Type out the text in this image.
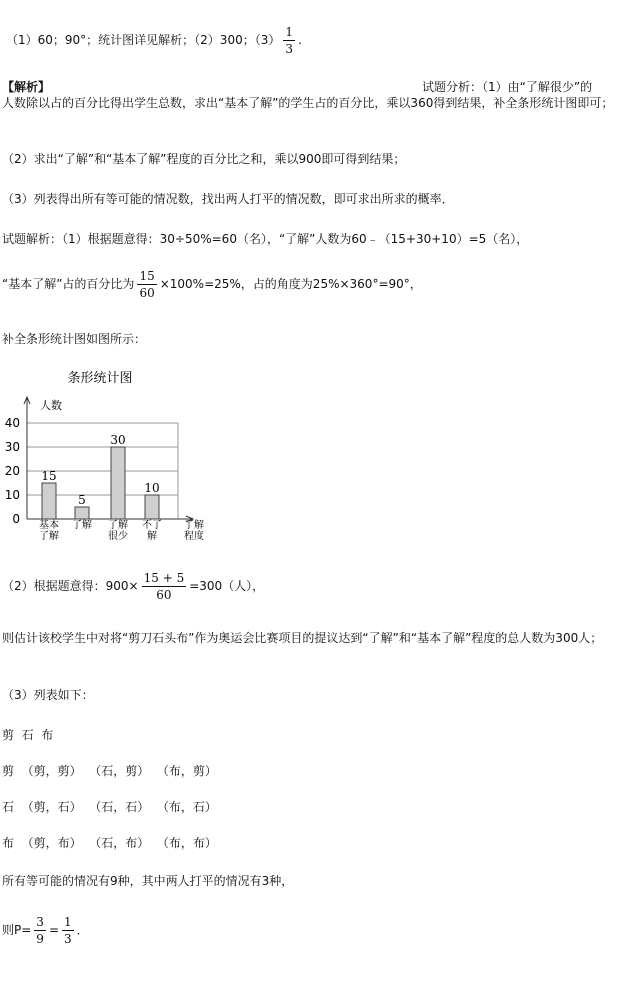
（1）60；90°；统计图详见解析；（2）300；$(3) \frac{1}{3}$ .
【解析】	试题分析：（1）由“了解很少”的
人数除以占的百分比得出学生总数，求出“基本了解”的学生占的百分比，乘以360得到结果，补全条形统计图即可；
（2）求出“了解”和“基本了解”程度的百分比之和，乘以900即可得到结果；
（3）列表得出所有等可能的情况数，找出两人打平的情况数，即可求出所求的概率．
试题解析：（1）根据题意得：30÷50%=60（名），“了解”人数为60﹣（15+30+10）=5（名），
“基本了解”占的百分比为 $\frac{15}{60} \times 100\%=25\%$，占的角度为25%×360°=90°，
补全条形统计图如图所示：
条形统计图
人数
0
10
20
30
40
15
5
30
10
基本了解
了解 了解很少
不了解
了解程度
（2）根据题意得：$900\times \frac{15 + 5}{60} =300$（人），
则估计该校学生中对将“剪刀石头布”作为奥运会比赛项目的提议达到“了解”和“基本了解”程度的总人数为300人；
（3）列表如下：
剪  石  布
剪  （剪，剪）  （石，剪）  （布，剪）
石  （剪，石）  （石，石）  （布，石）
布  （剪，布）  （石，布）  （布，布）
所有等可能的情况有9种，其中两人打平的情况有3种，
则$P= \frac{3}{9} = \frac{1}{3}$ ．
